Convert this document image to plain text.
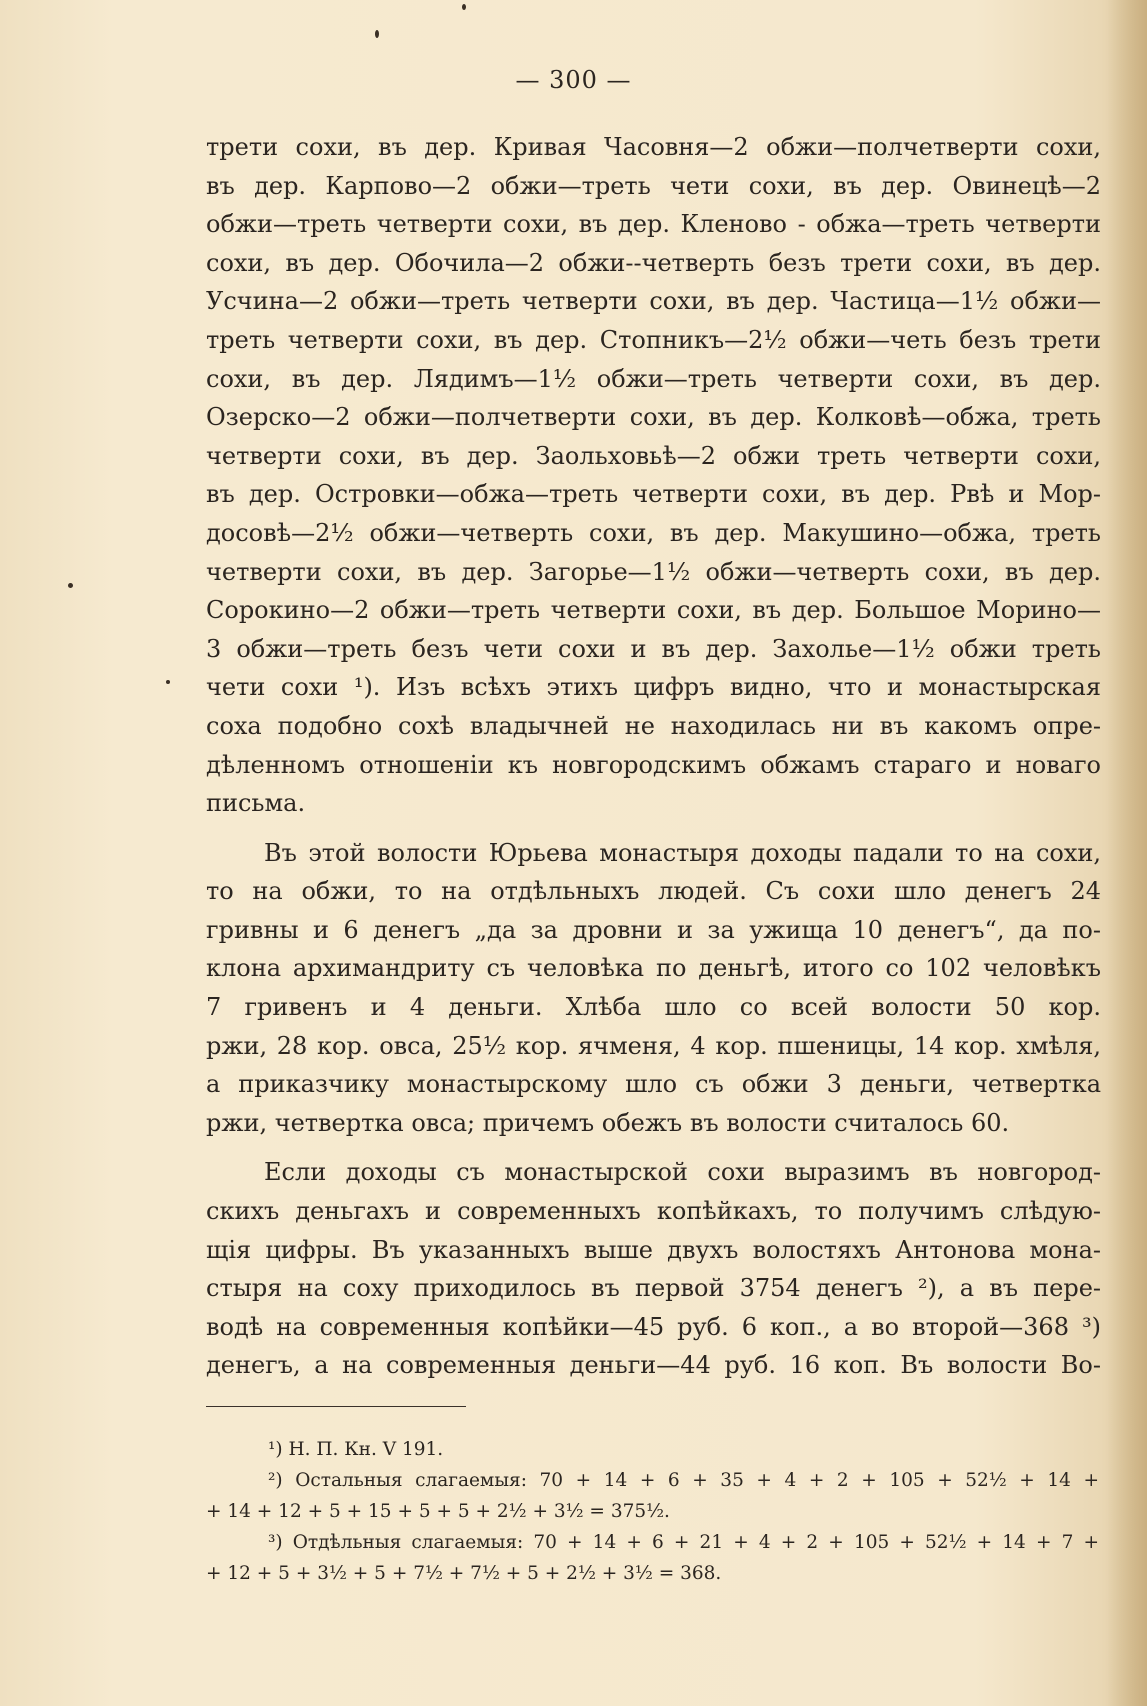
— 300 —
трети сохи, въ дер. Кривая Часовня—2 обжи—полчетверти сохи,
въ дер. Карпово—2 обжи—треть чети сохи, въ дер. Овинецѣ—2
обжи—треть четверти сохи, въ дер. Кленово - обжа—треть четверти
сохи, въ дер. Обочила—2 обжи--четверть безъ трети сохи, въ дер.
Усчина—2 обжи—треть четверти сохи, въ дер. Частица—1½ обжи—
треть четверти сохи, въ дер. Стопникъ—2½ обжи—четь безъ трети
сохи, въ дер. Лядимъ—1½ обжи—треть четверти сохи, въ дер.
Озерско—2 обжи—полчетверти сохи, въ дер. Колковѣ—обжа, треть
четверти сохи, въ дер. Заольховьѣ—2 обжи треть четверти сохи,
въ дер. Островки—обжа—треть четверти сохи, въ дер. Рвѣ и Мор-
досовѣ—2½ обжи—четверть сохи, въ дер. Макушино—обжа, треть
четверти сохи, въ дер. Загорье—1½ обжи—четверть сохи, въ дер.
Сорокино—2 обжи—треть четверти сохи, въ дер. Большое Морино—
3 обжи—треть безъ чети сохи и въ дер. Захолье—1½ обжи треть
чети сохи ¹). Изъ всѣхъ этихъ цифръ видно, что и монастырская
соха подобно сохѣ владычней не находилась ни въ какомъ опре-
дѣленномъ отношеніи къ новгородскимъ обжамъ стараго и новаго
письма.
Въ этой волости Юрьева монастыря доходы падали то на сохи,
то на обжи, то на отдѣльныхъ людей. Съ сохи шло денегъ 24
гривны и 6 денегъ „да за дровни и за ужища 10 денегъ“, да по-
клона архимандриту съ человѣка по деньгѣ, итого со 102 человѣкъ
7 гривенъ и 4 деньги. Хлѣба шло со всей волости 50 кор.
ржи, 28 кор. овса, 25½ кор. ячменя, 4 кор. пшеницы, 14 кор. хмѣля,
а приказчику монастырскому шло съ обжи 3 деньги, четвертка
ржи, четвертка овса; причемъ обежъ въ волости считалось 60.
Если доходы съ монастырской сохи выразимъ въ новгород-
скихъ деньгахъ и современныхъ копѣйкахъ, то получимъ слѣдую-
щія цифры. Въ указанныхъ выше двухъ волостяхъ Антонова мона-
стыря на соху приходилось въ первой 3754 денегъ ²), а въ пере-
водѣ на современныя копѣйки—45 руб. 6 коп., а во второй—368 ³)
денегъ, а на современныя деньги—44 руб. 16 коп. Въ волости Во-
¹) Н. П. Кн. V 191.
²) Остальныя слагаемыя: 70 + 14 + 6 + 35 + 4 + 2 + 105 + 52½ + 14 +
+ 14 + 12 + 5 + 15 + 5 + 5 + 2½ + 3½ = 375½.
³) Отдѣльныя слагаемыя: 70 + 14 + 6 + 21 + 4 + 2 + 105 + 52½ + 14 + 7 +
+ 12 + 5 + 3½ + 5 + 7½ + 7½ + 5 + 2½ + 3½ = 368.
